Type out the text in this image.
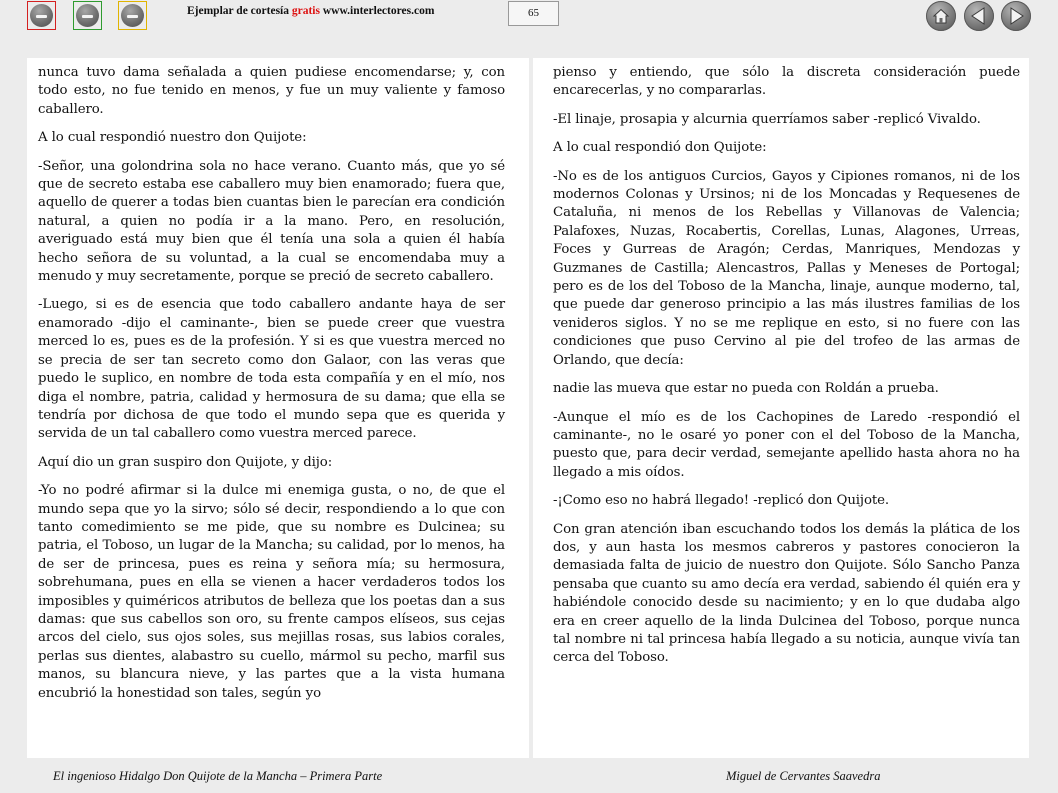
Ejemplar de cortesía gratis www.interlectores.com	65

nunca tuvo dama señalada a quien pudiese encomendarse; y, con todo esto, no fue tenido en menos, y fue un muy valiente y famoso caballero.

A lo cual respondió nuestro don Quijote:

-Señor, una golondrina sola no hace verano. Cuanto más, que yo sé que de secreto estaba ese caballero muy bien enamorado; fuera que, aquello de querer a todas bien cuantas bien le parecían era condición natural, a quien no podía ir a la mano. Pero, en resolución, averiguado está muy bien que él tenía una sola a quien él había hecho señora de su voluntad, a la cual se encomendaba muy a menudo y muy secretamente, porque se preció de secreto caballero.

-Luego, si es de esencia que todo caballero andante haya de ser enamorado -dijo el caminante-, bien se puede creer que vuestra merced lo es, pues es de la profesión. Y si es que vuestra merced no se precia de ser tan secreto como don Galaor, con las veras que puedo le suplico, en nombre de toda esta compañía y en el mío, nos diga el nombre, patria, calidad y hermosura de su dama; que ella se tendría por dichosa de que todo el mundo sepa que es querida y servida de un tal caballero como vuestra merced parece.

Aquí dio un gran suspiro don Quijote, y dijo:

-Yo no podré afirmar si la dulce mi enemiga gusta, o no, de que el mundo sepa que yo la sirvo; sólo sé decir, respondiendo a lo que con tanto comedimiento se me pide, que su nombre es Dulcinea; su patria, el Toboso, un lugar de la Mancha; su calidad, por lo menos, ha de ser de princesa, pues es reina y señora mía; su hermosura, sobrehumana, pues en ella se vienen a hacer verdaderos todos los imposibles y quiméricos atributos de belleza que los poetas dan a sus damas: que sus cabellos son oro, su frente campos elíseos, sus cejas arcos del cielo, sus ojos soles, sus mejillas rosas, sus labios corales, perlas sus dientes, alabastro su cuello, mármol su pecho, marfil sus manos, su blancura nieve, y las partes que a la vista humana encubrió la honestidad son tales, según yo

pienso y entiendo, que sólo la discreta consideración puede encarecerlas, y no compararlas.

-El linaje, prosapia y alcurnia querríamos saber -replicó Vivaldo.

A lo cual respondió don Quijote:

-No es de los antiguos Curcios, Gayos y Cipiones romanos, ni de los modernos Colonas y Ursinos; ni de los Moncadas y Requesenes de Cataluña, ni menos de los Rebellas y Villanovas de Valencia; Palafoxes, Nuzas, Rocabertis, Corellas, Lunas, Alagones, Urreas, Foces y Gurreas de Aragón; Cerdas, Manriques, Mendozas y Guzmanes de Castilla; Alencastros, Pallas y Meneses de Portogal; pero es de los del Toboso de la Mancha, linaje, aunque moderno, tal, que puede dar generoso principio a las más ilustres familias de los venideros siglos. Y no se me replique en esto, si no fuere con las condiciones que puso Cervino al pie del trofeo de las armas de Orlando, que decía:

nadie las mueva que estar no pueda con Roldán a prueba.

-Aunque el mío es de los Cachopines de Laredo -respondió el caminante-, no le osaré yo poner con el del Toboso de la Mancha, puesto que, para decir verdad, semejante apellido hasta ahora no ha llegado a mis oídos.

-¡Como eso no habrá llegado! -replicó don Quijote.

Con gran atención iban escuchando todos los demás la plática de los dos, y aun hasta los mesmos cabreros y pastores conocieron la demasiada falta de juicio de nuestro don Quijote. Sólo Sancho Panza pensaba que cuanto su amo decía era verdad, sabiendo él quién era y habiéndole conocido desde su nacimiento; y en lo que dudaba algo era en creer aquello de la linda Dulcinea del Toboso, porque nunca tal nombre ni tal princesa había llegado a su noticia, aunque vivía tan cerca del Toboso.

El ingenioso Hidalgo Don Quijote de la Mancha – Primera Parte	Miguel de Cervantes Saavedra
